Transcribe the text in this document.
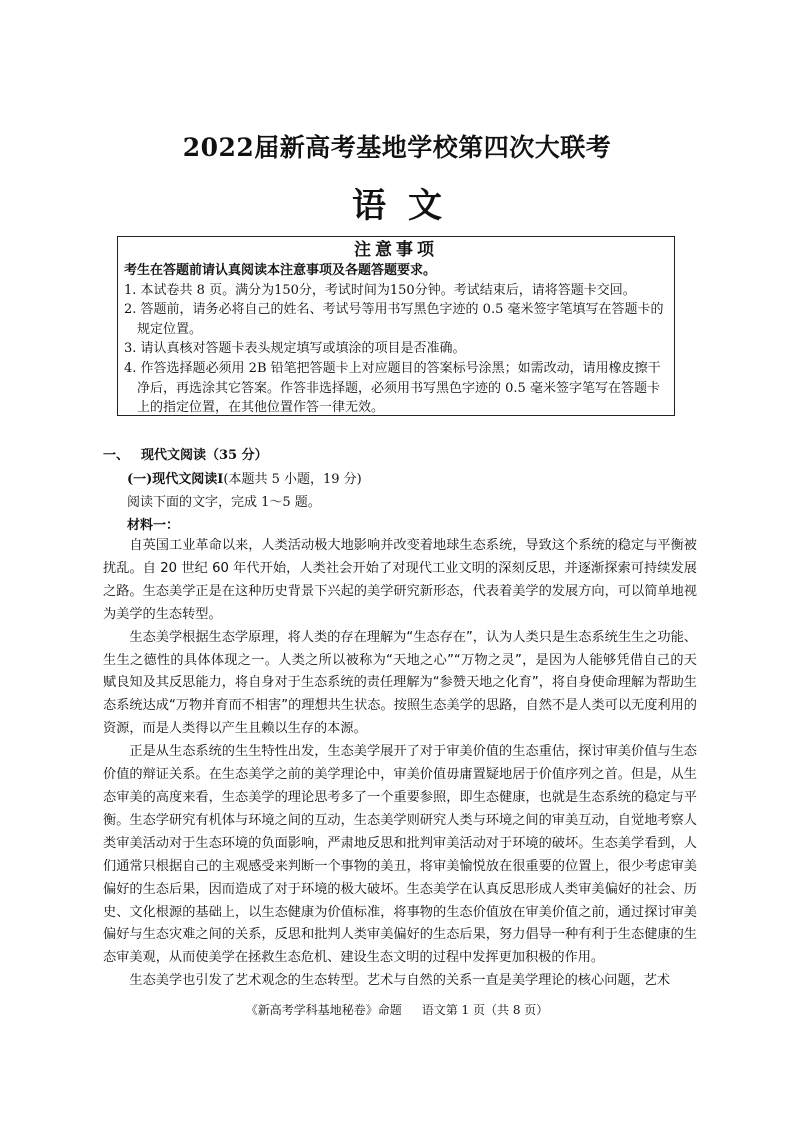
2022届新高考基地学校第四次大联考
语文
注意事项
考生在答题前请认真阅读本注意事项及各题答题要求。
1. 本试卷共 8 页。满分为150分，考试时间为150分钟。考试结束后，请将答题卡交回。
2. 答题前，请务必将自己的姓名、考试号等用书写黑色字迹的 0.5 毫米签字笔填写在答题卡的规定位置。
3. 请认真核对答题卡表头规定填写或填涂的项目是否准确。
4. 作答选择题必须用 2B 铅笔把答题卡上对应题目的答案标号涂黑；如需改动，请用橡皮擦干净后，再选涂其它答案。作答非选择题，必须用书写黑色字迹的 0.5 毫米签字笔写在答题卡上的指定位置，在其他位置作答一律无效。
一、 现代文阅读（35 分）
(一)现代文阅读Ⅰ(本题共 5 小题，19 分)
阅读下面的文字，完成 1～5 题。
材料一：

自英国工业革命以来，人类活动极大地影响并改变着地球生态系统，导致这个系统的稳定与平衡被扰乱。自 20 世纪 60 年代开始，人类社会开始了对现代工业文明的深刻反思，并逐渐探索可持续发展之路。生态美学正是在这种历史背景下兴起的美学研究新形态，代表着美学的发展方向，可以简单地视为美学的生态转型。

生态美学根据生态学原理，将人类的存在理解为“生态存在”，认为人类只是生态系统生生之功能、生生之德性的具体体现之一。人类之所以被称为“天地之心”“万物之灵”，是因为人能够凭借自己的天赋良知及其反思能力，将自身对于生态系统的责任理解为“参赞天地之化育”，将自身使命理解为帮助生态系统达成“万物并育而不相害”的理想共生状态。按照生态美学的思路，自然不是人类可以无度利用的资源，而是人类得以产生且赖以生存的本源。

正是从生态系统的生生特性出发，生态美学展开了对于审美价值的生态重估，探讨审美价值与生态价值的辩证关系。在生态美学之前的美学理论中，审美价值毋庸置疑地居于价值序列之首。但是，从生态审美的高度来看，生态美学的理论思考多了一个重要参照，即生态健康，也就是生态系统的稳定与平衡。生态学研究有机体与环境之间的互动，生态美学则研究人类与环境之间的审美互动，自觉地考察人类审美活动对于生态环境的负面影响，严肃地反思和批判审美活动对于环境的破坏。生态美学看到，人们通常只根据自己的主观感受来判断一个事物的美丑，将审美愉悦放在很重要的位置上，很少考虑审美偏好的生态后果，因而造成了对于环境的极大破坏。生态美学在认真反思形成人类审美偏好的社会、历史、文化根源的基础上，以生态健康为价值标准，将事物的生态价值放在审美价值之前，通过探讨审美偏好与生态灾难之间的关系，反思和批判人类审美偏好的生态后果，努力倡导一种有利于生态健康的生态审美观，从而使美学在拯救生态危机、建设生态文明的过程中发挥更加积极的作用。

生态美学也引发了艺术观念的生态转型。艺术与自然的关系一直是美学理论的核心问题，艺术

《新高考学科基地秘卷》命题 语文第 1 页（共 8 页）
